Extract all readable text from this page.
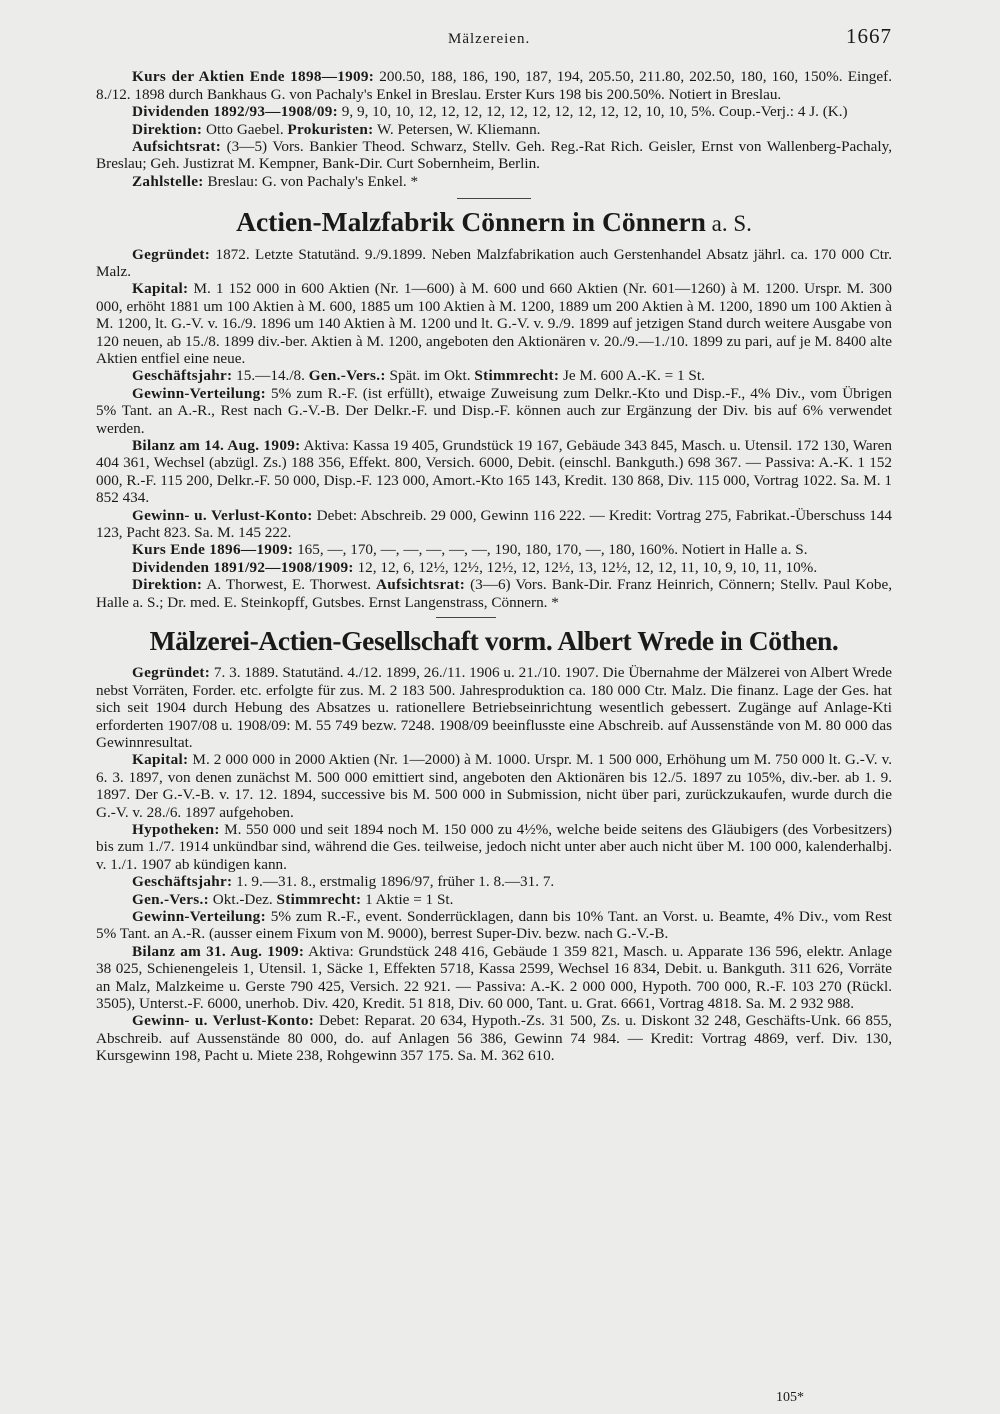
Mälzereien.	1667

Kurs der Aktien Ende 1898—1909: 200.50, 188, 186, 190, 187, 194, 205.50, 211.80, 202.50, 180, 160, 150%. Eingef. 8./12. 1898 durch Bankhaus G. von Pachaly's Enkel in Breslau. Erster Kurs 198 bis 200.50%. Notiert in Breslau.

Dividenden 1892/93—1908/09: 9, 9, 10, 10, 12, 12, 12, 12, 12, 12, 12, 12, 12, 12, 10, 10, 5%. Coup.-Verj.: 4 J. (K.)

Direktion: Otto Gaebel. Prokuristen: W. Petersen, W. Kliemann.

Aufsichtsrat: (3—5) Vors. Bankier Theod. Schwarz, Stellv. Geh. Reg.-Rat Rich. Geisler, Ernst von Wallenberg-Pachaly, Breslau; Geh. Justizrat M. Kempner, Bank-Dir. Curt Sobernheim, Berlin.

Zahlstelle: Breslau: G. von Pachaly's Enkel. *

Actien-Malzfabrik Cönnern in Cönnern a. S.

Gegründet: 1872. Letzte Statutänd. 9./9.1899. Neben Malzfabrikation auch Gerstenhandel Absatz jährl. ca. 170 000 Ctr. Malz.

Kapital: M. 1 152 000 in 600 Aktien (Nr. 1—600) à M. 600 und 660 Aktien (Nr. 601—1260) à M. 1200. Urspr. M. 300 000, erhöht 1881 um 100 Aktien à M. 600, 1885 um 100 Aktien à M. 1200, 1889 um 200 Aktien à M. 1200, 1890 um 100 Aktien à M. 1200, lt. G.-V. v. 16./9. 1896 um 140 Aktien à M. 1200 und lt. G.-V. v. 9./9. 1899 auf jetzigen Stand durch weitere Ausgabe von 120 neuen, ab 15./8. 1899 div.-ber. Aktien à M. 1200, angeboten den Aktionären v. 20./9.—1./10. 1899 zu pari, auf je M. 8400 alte Aktien entfiel eine neue.

Geschäftsjahr: 15.—14./8. Gen.-Vers.: Spät. im Okt. Stimmrecht: Je M. 600 A.-K. = 1 St.

Gewinn-Verteilung: 5% zum R.-F. (ist erfüllt), etwaige Zuweisung zum Delkr.-Kto und Disp.-F., 4% Div., vom Übrigen 5% Tant. an A.-R., Rest nach G.-V.-B. Der Delkr.-F. und Disp.-F. können auch zur Ergänzung der Div. bis auf 6% verwendet werden.

Bilanz am 14. Aug. 1909: Aktiva: Kassa 19 405, Grundstück 19 167, Gebäude 343 845, Masch. u. Utensil. 172 130, Waren 404 361, Wechsel (abzügl. Zs.) 188 356, Effekt. 800, Versich. 6000, Debit. (einschl. Bankguth.) 698 367. — Passiva: A.-K. 1 152 000, R.-F. 115 200, Delkr.-F. 50 000, Disp.-F. 123 000, Amort.-Kto 165 143, Kredit. 130 868, Div. 115 000, Vortrag 1022. Sa. M. 1 852 434.

Gewinn- u. Verlust-Konto: Debet: Abschreib. 29 000, Gewinn 116 222. — Kredit: Vortrag 275, Fabrikat.-Überschuss 144 123, Pacht 823. Sa. M. 145 222.

Kurs Ende 1896—1909: 165, —, 170, —, —, —, —, —, 190, 180, 170, —, 180, 160%. Notiert in Halle a. S.

Dividenden 1891/92—1908/1909: 12, 12, 6, 12½, 12½, 12½, 12, 12½, 13, 12½, 12, 12, 11, 10, 9, 10, 11, 10%.

Direktion: A. Thorwest, E. Thorwest. Aufsichtsrat: (3—6) Vors. Bank-Dir. Franz Heinrich, Cönnern; Stellv. Paul Kobe, Halle a. S.; Dr. med. E. Steinkopff, Gutsbes. Ernst Langenstrass, Cönnern. *

Mälzerei-Actien-Gesellschaft vorm. Albert Wrede in Cöthen.

Gegründet: 7. 3. 1889. Statutänd. 4./12. 1899, 26./11. 1906 u. 21./10. 1907. Die Übernahme der Mälzerei von Albert Wrede nebst Vorräten, Forder. etc. erfolgte für zus. M. 2 183 500. Jahresproduktion ca. 180 000 Ctr. Malz. Die finanz. Lage der Ges. hat sich seit 1904 durch Hebung des Absatzes u. rationellere Betriebseinrichtung wesentlich gebessert. Zugänge auf Anlage-Kti erforderten 1907/08 u. 1908/09: M. 55 749 bezw. 7248. 1908/09 beeinflusste eine Abschreib. auf Aussenstände von M. 80 000 das Gewinnresultat.

Kapital: M. 2 000 000 in 2000 Aktien (Nr. 1—2000) à M. 1000. Urspr. M. 1 500 000, Erhöhung um M. 750 000 lt. G.-V. v. 6. 3. 1897, von denen zunächst M. 500 000 emittiert sind, angeboten den Aktionären bis 12./5. 1897 zu 105%, div.-ber. ab 1. 9. 1897. Der G.-V.-B. v. 17. 12. 1894, successive bis M. 500 000 in Submission, nicht über pari, zurückzukaufen, wurde durch die G.-V. v. 28./6. 1897 aufgehoben.

Hypotheken: M. 550 000 und seit 1894 noch M. 150 000 zu 4½%, welche beide seitens des Gläubigers (des Vorbesitzers) bis zum 1./7. 1914 unkündbar sind, während die Ges. teilweise, jedoch nicht unter aber auch nicht über M. 100 000, kalenderhalbj. v. 1./1. 1907 ab kündigen kann.

Geschäftsjahr: 1. 9.—31. 8., erstmalig 1896/97, früher 1. 8.—31. 7.

Gen.-Vers.: Okt.-Dez. Stimmrecht: 1 Aktie = 1 St.

Gewinn-Verteilung: 5% zum R.-F., event. Sonderrücklagen, dann bis 10% Tant. an Vorst. u. Beamte, 4% Div., vom Rest 5% Tant. an A.-R. (ausser einem Fixum von M. 9000), berrest Super-Div. bezw. nach G.-V.-B.

Bilanz am 31. Aug. 1909: Aktiva: Grundstück 248 416, Gebäude 1 359 821, Masch. u. Apparate 136 596, elektr. Anlage 38 025, Schienengeleis 1, Utensil. 1, Säcke 1, Effekten 5718, Kassa 2599, Wechsel 16 834, Debit. u. Bankguth. 311 626, Vorräte an Malz, Malzkeime u. Gerste 790 425, Versich. 22 921. — Passiva: A.-K. 2 000 000, Hypoth. 700 000, R.-F. 103 270 (Rückl. 3505), Unterst.-F. 6000, unerhob. Div. 420, Kredit. 51 818, Div. 60 000, Tant. u. Grat. 6661, Vortrag 4818. Sa. M. 2 932 988.

Gewinn- u. Verlust-Konto: Debet: Reparat. 20 634, Hypoth.-Zs. 31 500, Zs. u. Diskont 32 248, Geschäfts-Unk. 66 855, Abschreib. auf Aussenstände 80 000, do. auf Anlagen 56 386, Gewinn 74 984. — Kredit: Vortrag 4869, verf. Div. 130, Kursgewinn 198, Pacht u. Miete 238, Rohgewinn 357 175. Sa. M. 362 610.

105*
